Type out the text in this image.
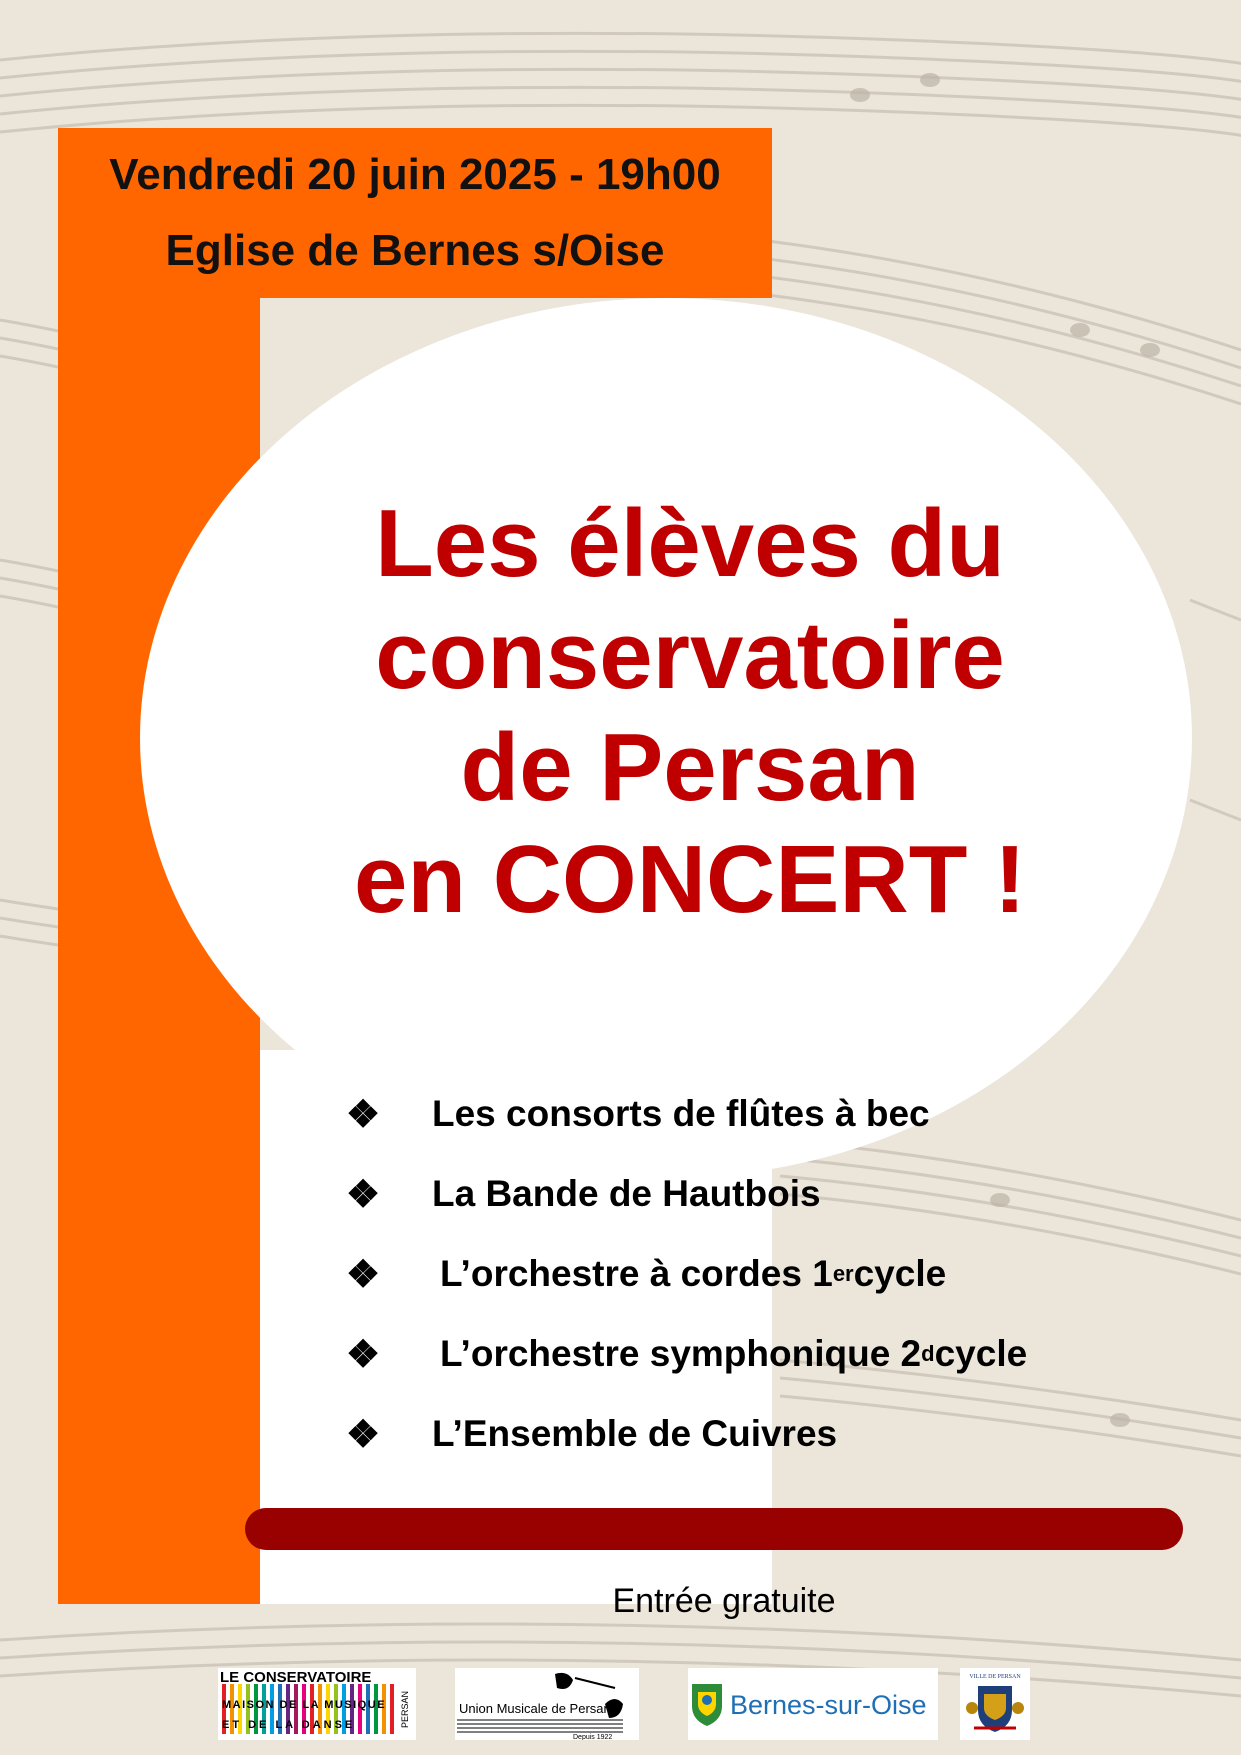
Vendredi 20 juin 2025 - 19h00
Eglise de Bernes s/Oise
Les élèves du
conservatoire
de Persan
en CONCERT !
❖	Les consorts de flûtes à bec
❖	La Bande de Hautbois
❖	L’orchestre à cordes 1 er cycle
❖	L’orchestre symphonique 2 d cycle
❖	L’Ensemble de Cuivres
Entrée gratuite
LE CONSERVATOIRE
MAISON DE LA MUSIQUE
ET DE LA DANSE	PERSAN	Union Musicale de Persan
Depuis 1922
Bernes-sur-Oise
VILLE DE PERSAN
